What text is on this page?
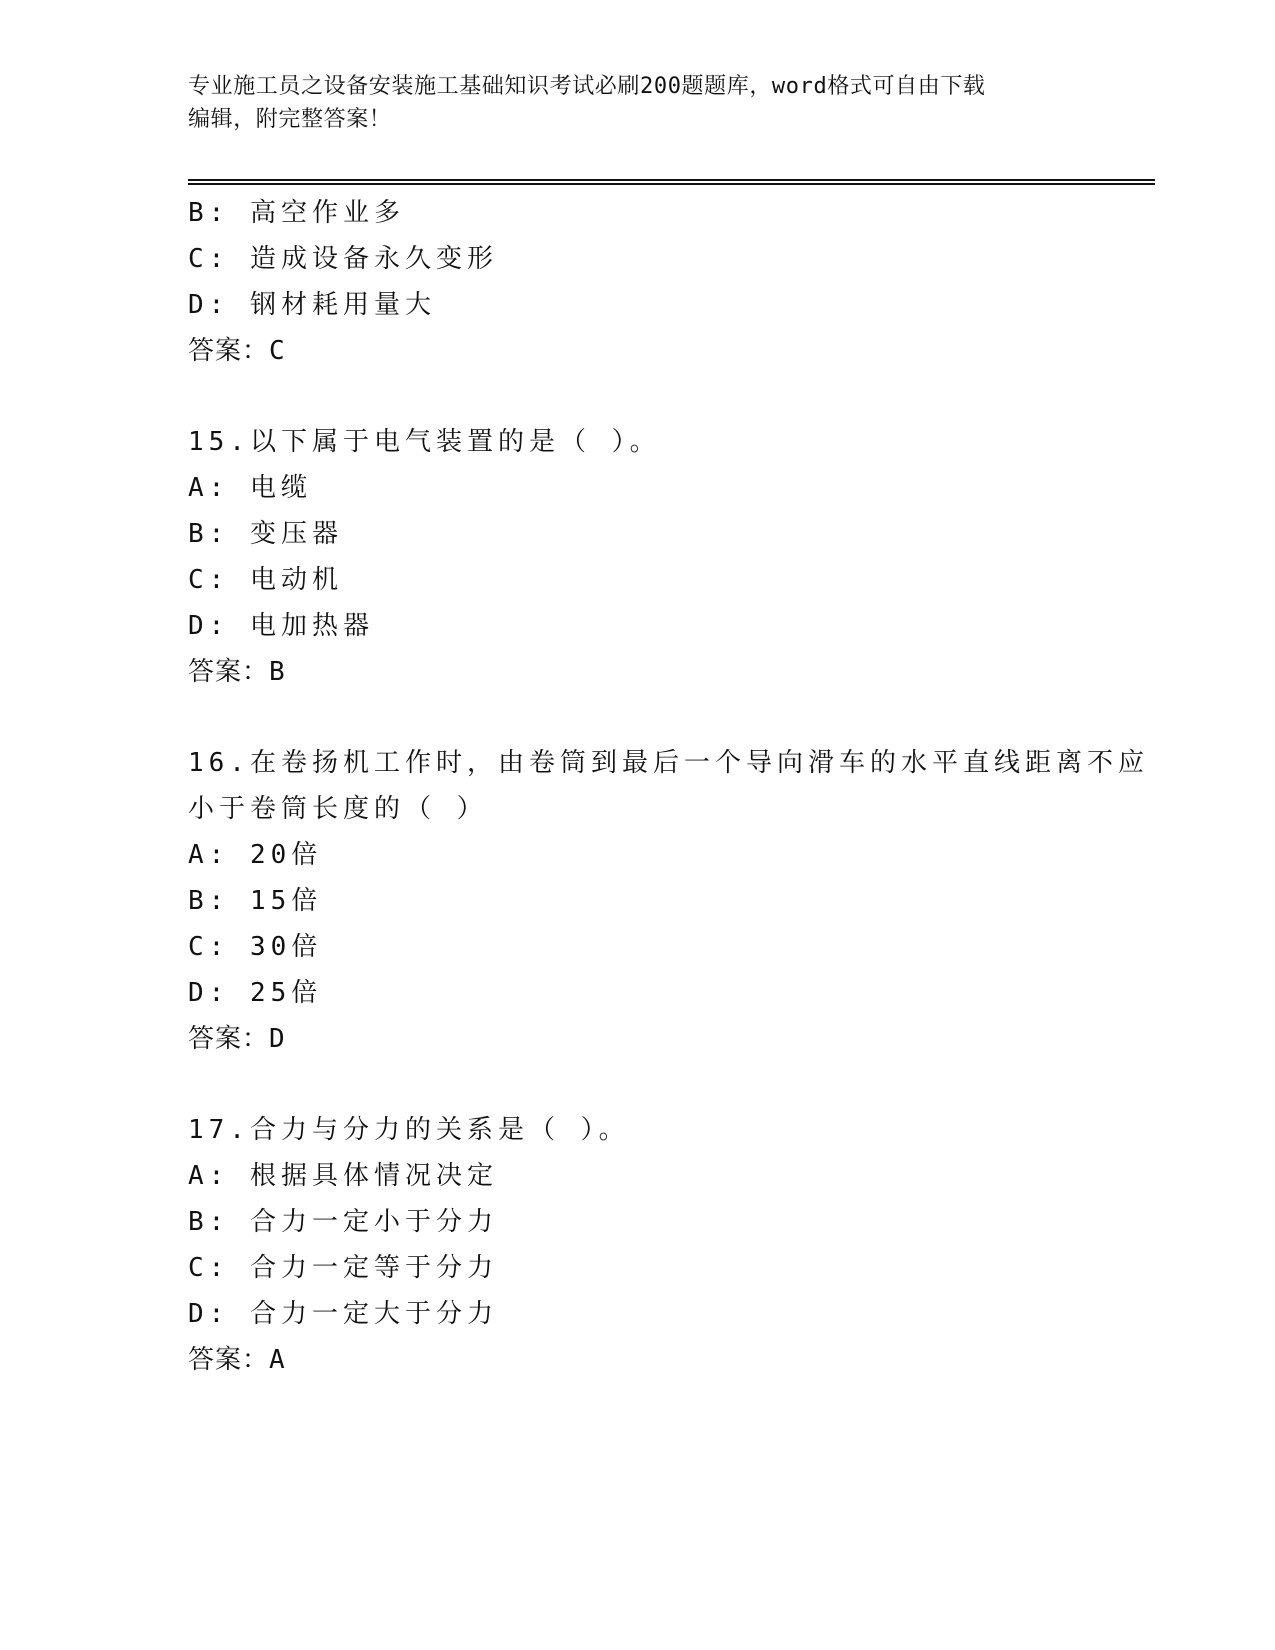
专业施工员之设备安装施工基础知识考试必刷200题题库，word格式可自由下载
编辑，附完整答案！
B: 高空作业多
C: 造成设备永久变形
D: 钢材耗用量大
答案：C
15.以下属于电气装置的是（ ）。
A: 电缆
B: 变压器
C: 电动机
D: 电加热器
答案：B
16.在卷扬机工作时，由卷筒到最后一个导向滑车的水平直线距离不应
小于卷筒长度的（ ）
A: 20倍
B: 15倍
C: 30倍
D: 25倍
答案：D
17.合力与分力的关系是（ ）。
A: 根据具体情况决定
B: 合力一定小于分力
C: 合力一定等于分力
D: 合力一定大于分力
答案：A
